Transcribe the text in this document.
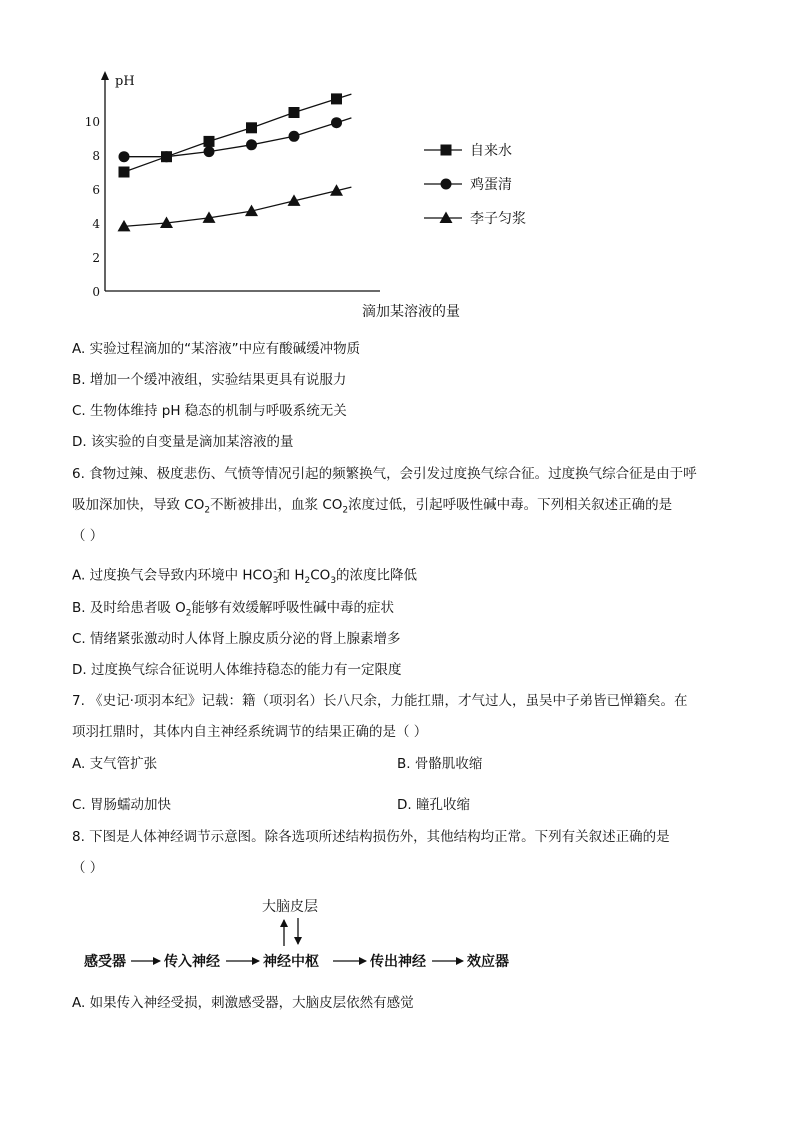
pH
滴加某溶液的量
0
2
4
6
8
10
自来水
鸡蛋清
李子匀浆
A. 实验过程滴加的“某溶液”中应有酸碱缓冲物质
B. 增加一个缓冲液组，实验结果更具有说服力
C. 生物体维持 pH 稳态的机制与呼吸系统无关
D. 该实验的自变量是滴加某溶液的量
6. 食物过辣、极度悲伤、气愤等情况引起的频繁换气，会引发过度换气综合征。过度换气综合征是由于呼
吸加深加快，导致 $CO_2$不断被排出，血浆 $CO_2$浓度过低，引起呼吸性碱中毒。下列相关叙述正确的是
（ ）
A. 过度换气会导致内环境中 $HCO_3^-$和 $H_2CO_3$的浓度比降低
B. 及时给患者吸 $O_2$能够有效缓解呼吸性碱中毒的症状
C. 情绪紧张激动时人体肾上腺皮质分泌的肾上腺素增多
D. 过度换气综合征说明人体维持稳态的能力有一定限度
7. 《史记·项羽本纪》记载：籍（项羽名）长八尺余，力能扛鼎，才气过人，虽吴中子弟皆已惮籍矣。在
项羽扛鼎时，其体内自主神经系统调节的结果正确的是（ ）
A. 支气管扩张	B. 骨骼肌收缩
C. 胃肠蠕动加快	D. 瞳孔收缩
8. 下图是人体神经调节示意图。除各选项所述结构损伤外，其他结构均正常。下列有关叙述正确的是
（ ）
大脑皮层
感受器	传入神经	神经中枢	传出神经	效应器
A. 如果传入神经受损，刺激感受器，大脑皮层依然有感觉
